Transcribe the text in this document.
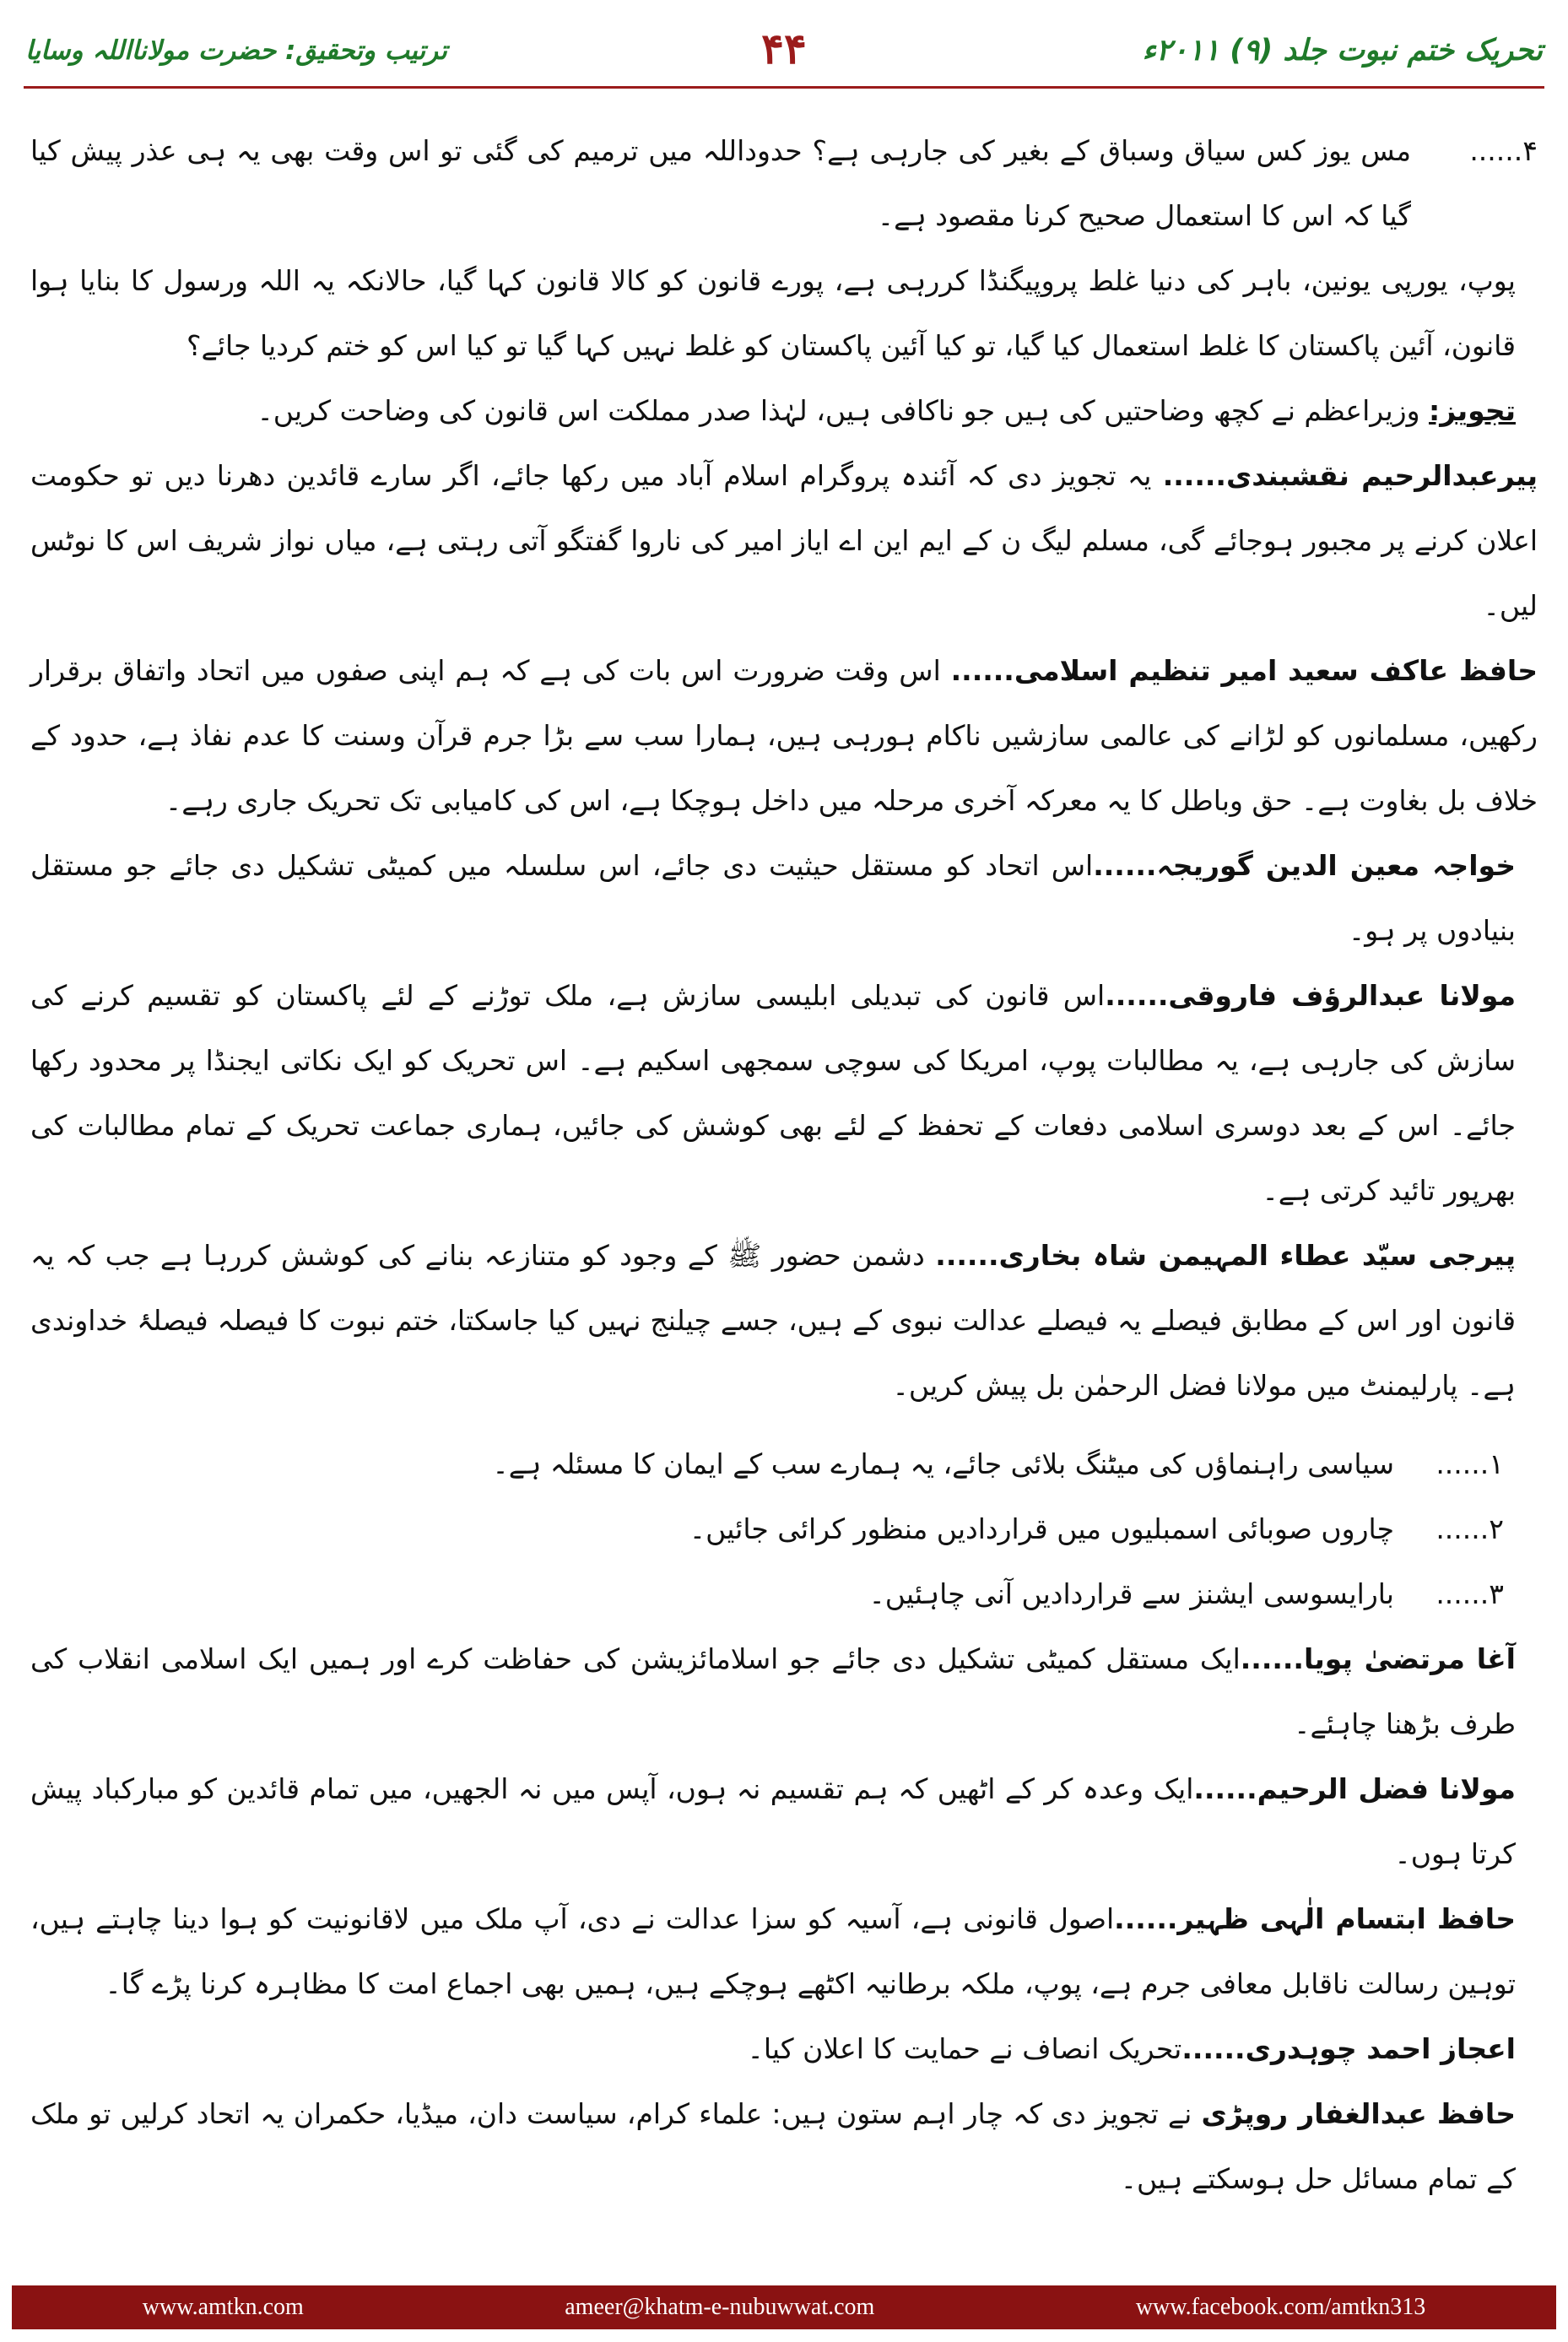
تحریک ختم نبوت جلد (۹) ۲۰۱۱ء
۴۴
ترتیب وتحقیق: حضرت مولانااللہ وسایا
۴......
مس یوز کس سیاق وسباق کے بغیر کی جارہی ہے؟ حدوداللہ میں ترمیم کی گئی تو اس وقت بھی یہ ہی عذر پیش کیا گیا کہ اس کا استعمال صحیح کرنا مقصود ہے۔

پوپ، یورپی یونین، باہر کی دنیا غلط پروپیگنڈا کررہی ہے، پورے قانون کو کالا قانون کہا گیا، حالانکہ یہ اللہ ورسول کا بنایا ہوا قانون، آئین پاکستان کا غلط استعمال کیا گیا، تو کیا آئین پاکستان کو غلط نہیں کہا گیا تو کیا اس کو ختم کردیا جائے؟

تجویز: وزیراعظم نے کچھ وضاحتیں کی ہیں جو ناکافی ہیں، لہٰذا صدر مملکت اس قانون کی وضاحت کریں۔

پیرعبدالرحیم نقشبندی...... یہ تجویز دی کہ آئندہ پروگرام اسلام آباد میں رکھا جائے، اگر سارے قائدین دھرنا دیں تو حکومت اعلان کرنے پر مجبور ہوجائے گی، مسلم لیگ ن کے ایم این اے ایاز امیر کی ناروا گفتگو آتی رہتی ہے، میاں نواز شریف اس کا نوٹس لیں۔

حافظ عاکف سعید امیر تنظیم اسلامی...... اس وقت ضرورت اس بات کی ہے کہ ہم اپنی صفوں میں اتحاد واتفاق برقرار رکھیں، مسلمانوں کو لڑانے کی عالمی سازشیں ناکام ہورہی ہیں، ہمارا سب سے بڑا جرم قرآن وسنت کا عدم نفاذ ہے، حدود کے خلاف بل بغاوت ہے۔ حق وباطل کا یہ معرکہ آخری مرحلہ میں داخل ہوچکا ہے، اس کی کامیابی تک تحریک جاری رہے۔

خواجہ معین الدین گوریجہ......اس اتحاد کو مستقل حیثیت دی جائے، اس سلسلہ میں کمیٹی تشکیل دی جائے جو مستقل بنیادوں پر ہو۔

مولانا عبدالرؤف فاروقی......اس قانون کی تبدیلی ابلیسی سازش ہے، ملک توڑنے کے لئے پاکستان کو تقسیم کرنے کی سازش کی جارہی ہے، یہ مطالبات پوپ، امریکا کی سوچی سمجھی اسکیم ہے۔ اس تحریک کو ایک نکاتی ایجنڈا پر محدود رکھا جائے۔ اس کے بعد دوسری اسلامی دفعات کے تحفظ کے لئے بھی کوشش کی جائیں، ہماری جماعت تحریک کے تمام مطالبات کی بھرپور تائید کرتی ہے۔

پیرجی سیّد عطاء المہیمن شاہ بخاری...... دشمن حضور ﷺ کے وجود کو متنازعہ بنانے کی کوشش کررہا ہے جب کہ یہ قانون اور اس کے مطابق فیصلے یہ فیصلے عدالت نبوی کے ہیں، جسے چیلنج نہیں کیا جاسکتا، ختم نبوت کا فیصلہ فیصلۂ خداوندی ہے۔ پارلیمنٹ میں مولانا فضل الرحمٰن بل پیش کریں۔

۱......
سیاسی راہنماؤں کی میٹنگ بلائی جائے، یہ ہمارے سب کے ایمان کا مسئلہ ہے۔
۲......
چاروں صوبائی اسمبلیوں میں قراردادیں منظور کرائی جائیں۔
۳......
بارایسوسی ایشنز سے قراردادیں آنی چاہئیں۔

آغا مرتضیٰ پویا......ایک مستقل کمیٹی تشکیل دی جائے جو اسلامائزیشن کی حفاظت کرے اور ہمیں ایک اسلامی انقلاب کی طرف بڑھنا چاہئے۔

مولانا فضل الرحیم......ایک وعدہ کر کے اٹھیں کہ ہم تقسیم نہ ہوں، آپس میں نہ الجھیں، میں تمام قائدین کو مبارکباد پیش کرتا ہوں۔

حافظ ابتسام الٰہی ظہیر......اصول قانونی ہے، آسیہ کو سزا عدالت نے دی، آپ ملک میں لاقانونیت کو ہوا دینا چاہتے ہیں، توہین رسالت ناقابل معافی جرم ہے، پوپ، ملکہ برطانیہ اکٹھے ہوچکے ہیں، ہمیں بھی اجماع امت کا مظاہرہ کرنا پڑے گا۔

اعجاز احمد چوہدری......تحریک انصاف نے حمایت کا اعلان کیا۔

حافظ عبدالغفار روپڑی نے تجویز دی کہ چار اہم ستون ہیں: علماء کرام، سیاست دان، میڈیا، حکمران یہ اتحاد کرلیں تو ملک کے تمام مسائل حل ہوسکتے ہیں۔

www.amtkn.com	ameer@khatm-e-nubuwwat.com	www.facebook.com/amtkn313
